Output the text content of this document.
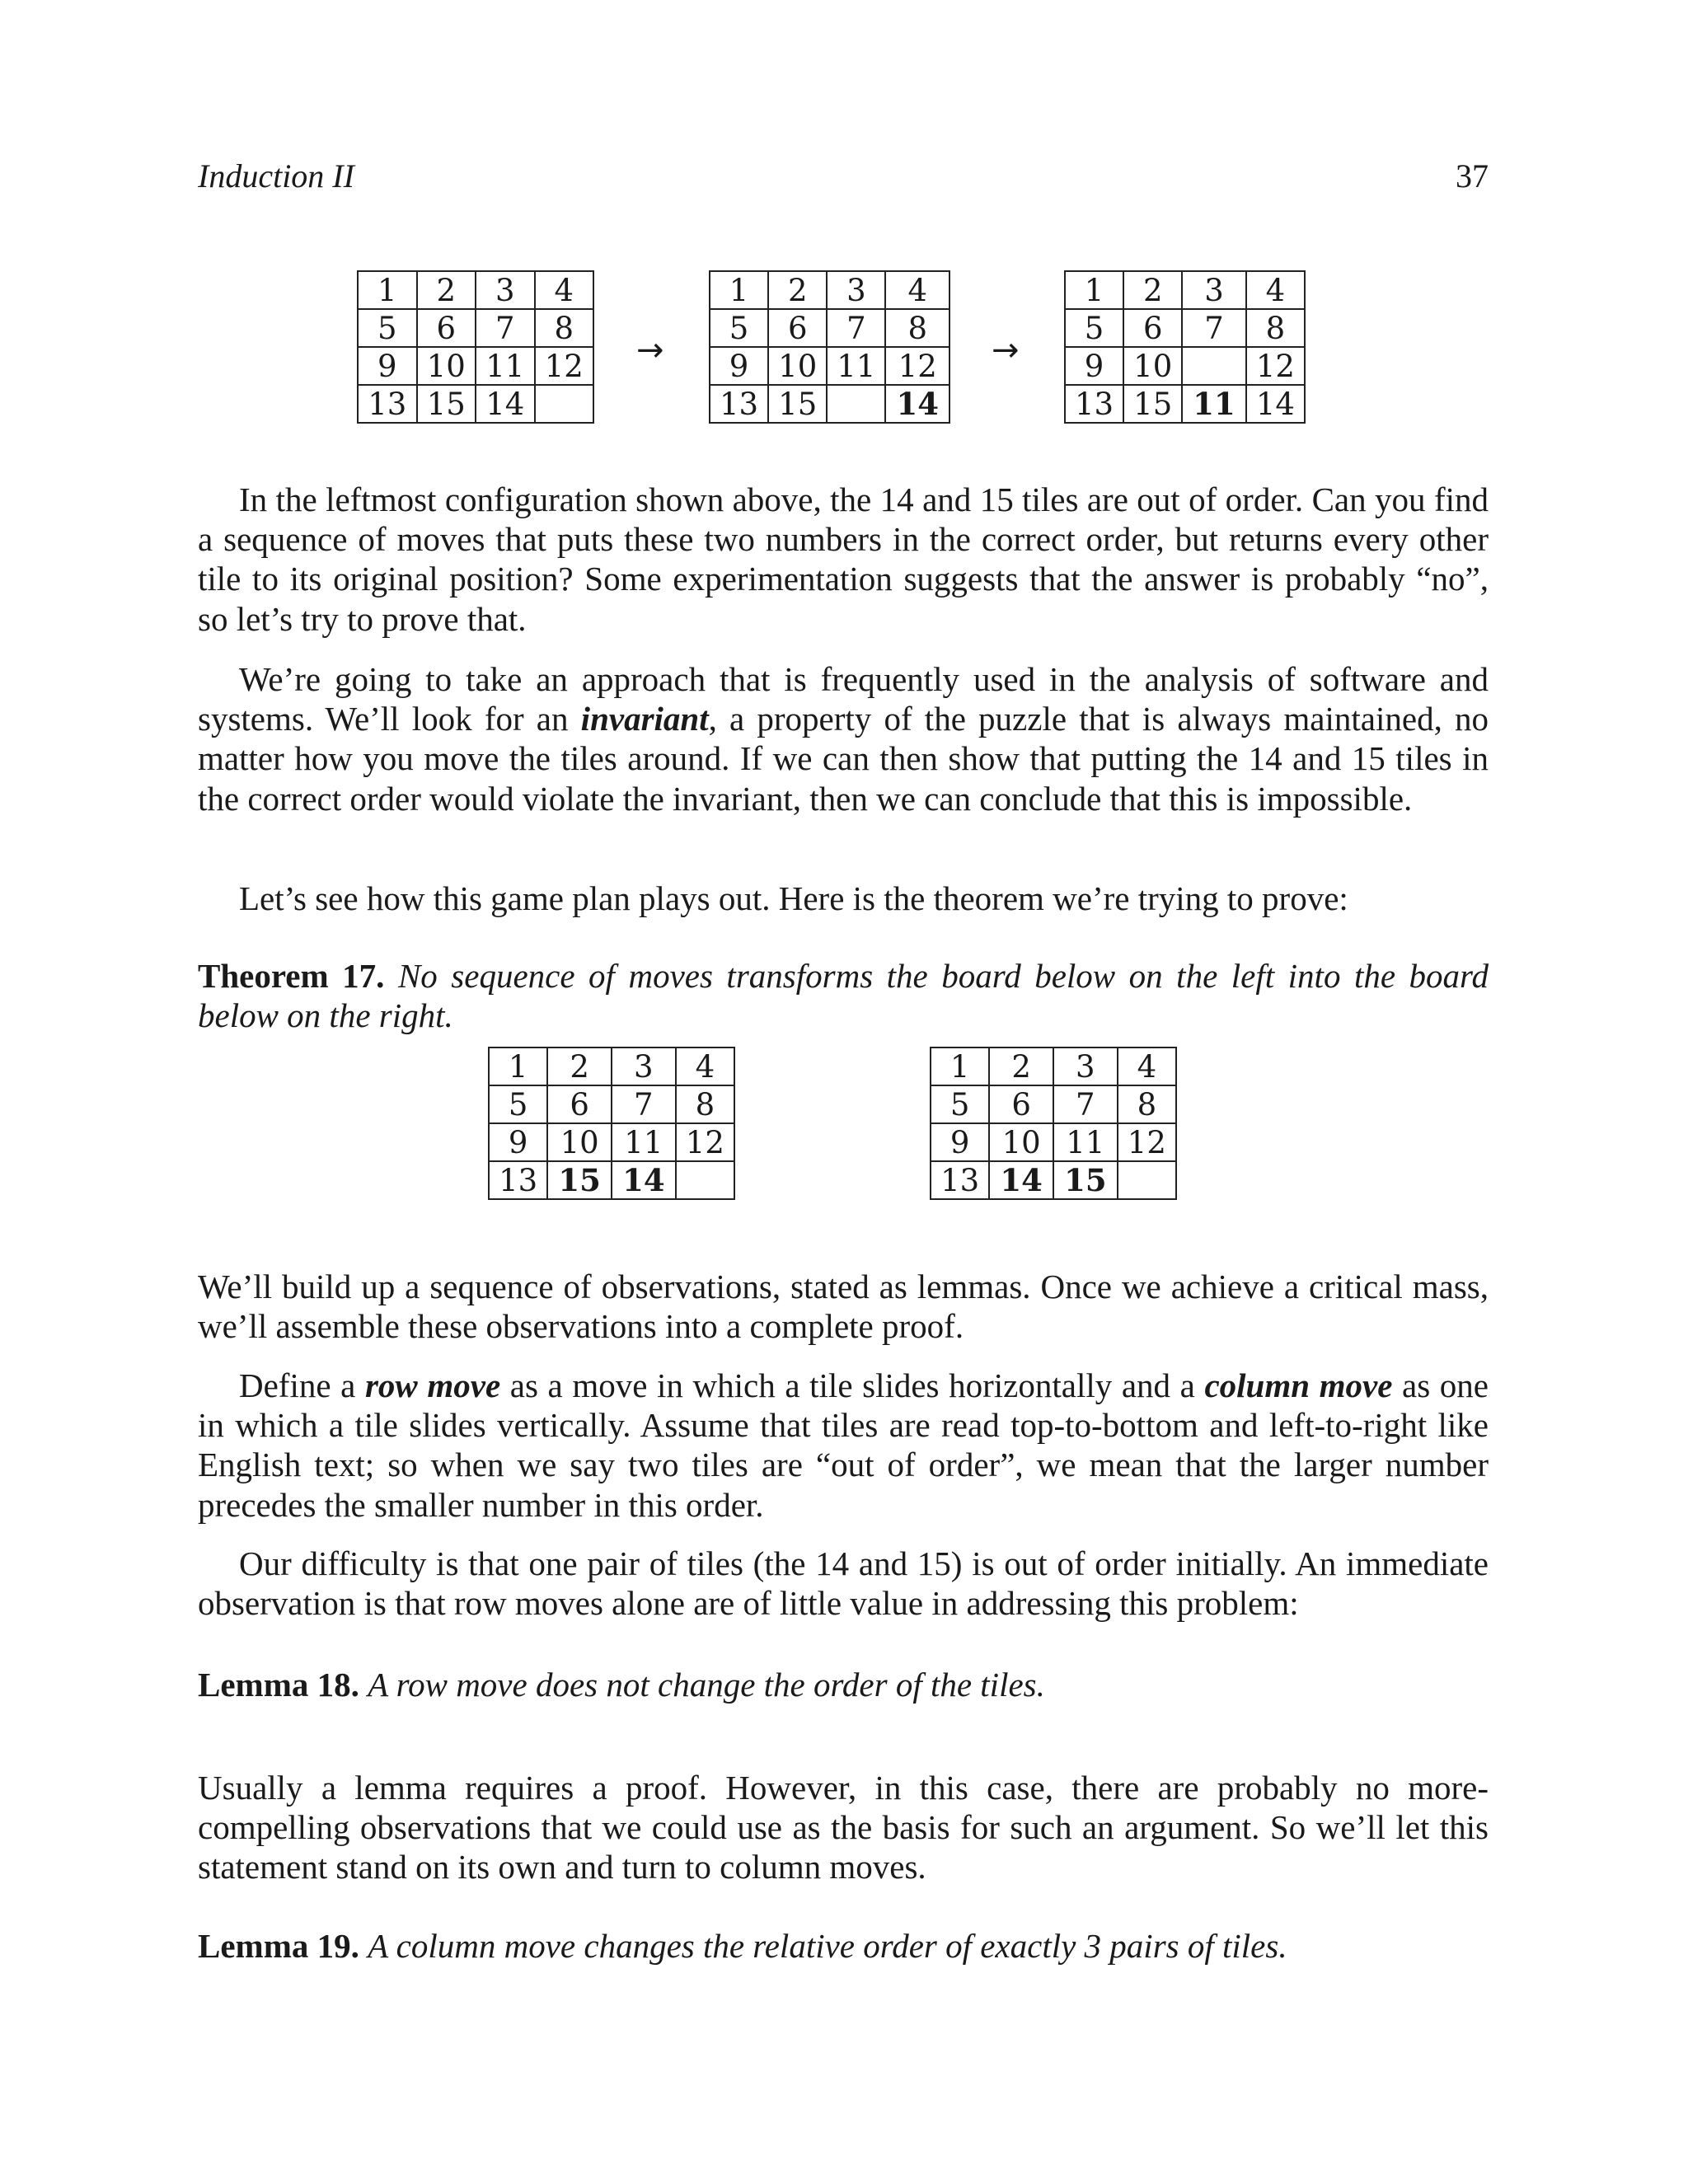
Induction II	37
1	2	3	4
5	6	7	8
9	10	11	12
13	15	14	
→
1	2	3	4
5	6	7	8
9	10	11	12
13	15		14
→
1	2	3	4
5	6	7	8
9	10		12
13	15	11	14

In the leftmost configuration shown above, the 14 and 15 tiles are out of order. Can you find a sequence of moves that puts these two numbers in the correct order, but returns every other tile to its original position? Some experimentation suggests that the answer is probably “no”, so let’s try to prove that.

We’re going to take an approach that is frequently used in the analysis of software and systems. We’ll look for an invariant, a property of the puzzle that is always maintained, no matter how you move the tiles around. If we can then show that putting the 14 and 15 tiles in the correct order would violate the invariant, then we can conclude that this is impossible.

Let’s see how this game plan plays out. Here is the theorem we’re trying to prove:

Theorem 17. No sequence of moves transforms the board below on the left into the board below on the right.

1	2	3	4
5	6	7	8
9	10	11	12
13	15	14	
1	2	3	4
5	6	7	8
9	10	11	12
13	14	15	

We’ll build up a sequence of observations, stated as lemmas. Once we achieve a critical mass, we’ll assemble these observations into a complete proof.

Define a row move as a move in which a tile slides horizontally and a column move as one in which a tile slides vertically. Assume that tiles are read top-to-bottom and left-to-right like English text; so when we say two tiles are “out of order”, we mean that the larger number precedes the smaller number in this order.

Our difficulty is that one pair of tiles (the 14 and 15) is out of order initially. An immediate observation is that row moves alone are of little value in addressing this problem:

Lemma 18. A row move does not change the order of the tiles.

Usually a lemma requires a proof. However, in this case, there are probably no more-compelling observations that we could use as the basis for such an argument. So we’ll let this statement stand on its own and turn to column moves.

Lemma 19. A column move changes the relative order of exactly 3 pairs of tiles.
